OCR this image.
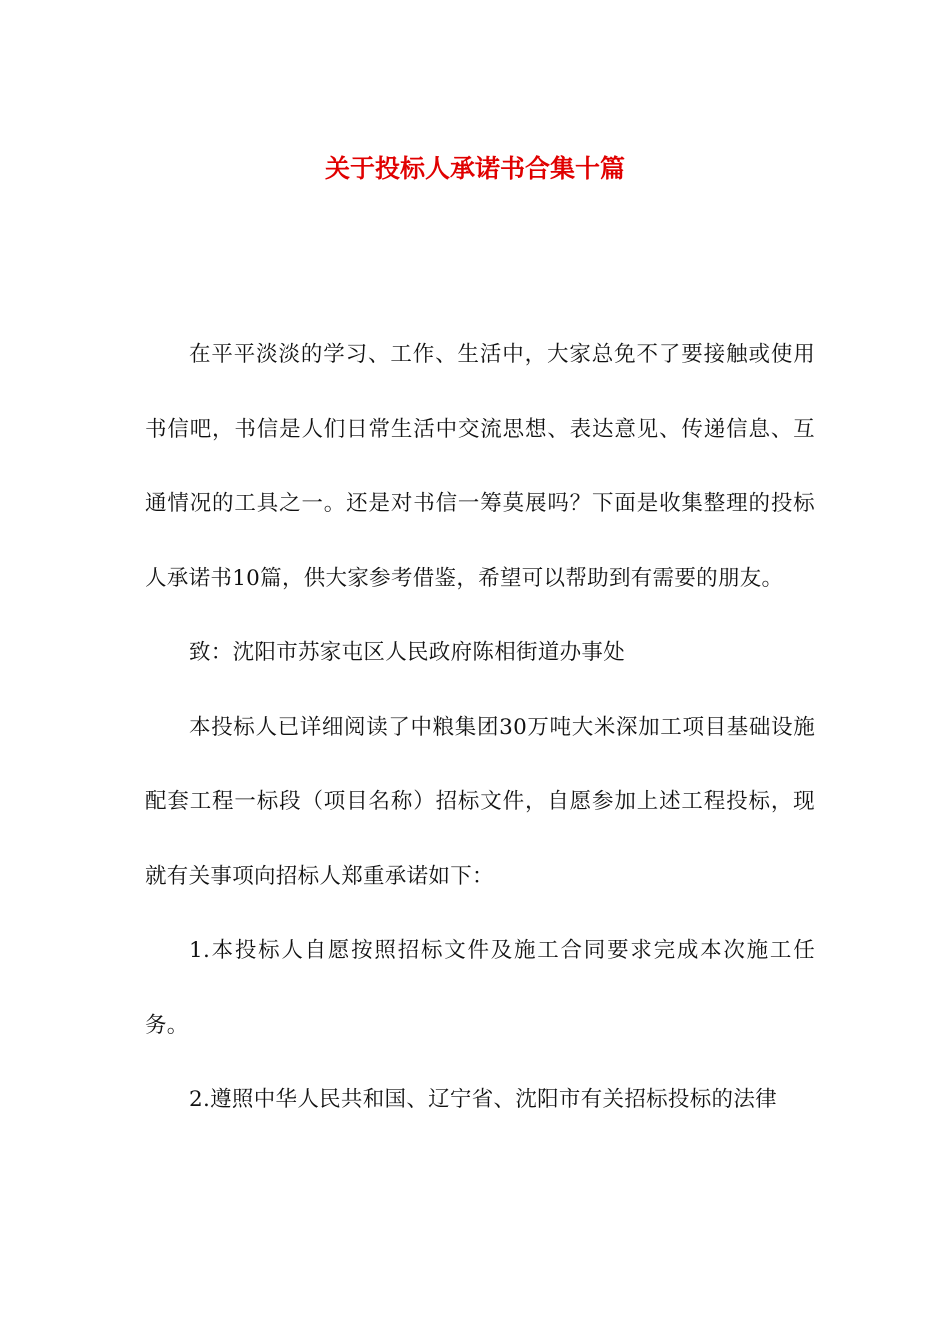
关于投标人承诺书合集十篇

在平平淡淡的学习、工作、生活中，大家总免不了要接触或使用书信吧，书信是人们日常生活中交流思想、表达意见、传递信息、互通情况的工具之一。还是对书信一筹莫展吗？下面是收集整理的投标人承诺书10篇，供大家参考借鉴，希望可以帮助到有需要的朋友。

致：沈阳市苏家屯区人民政府陈相街道办事处

本投标人已详细阅读了中粮集团30万吨大米深加工项目基础设施配套工程一标段（项目名称）招标文件，自愿参加上述工程投标，现就有关事项向招标人郑重承诺如下：

1.本投标人自愿按照招标文件及施工合同要求完成本次施工任务。

2.遵照中华人民共和国、辽宁省、沈阳市有关招标投标的法律
